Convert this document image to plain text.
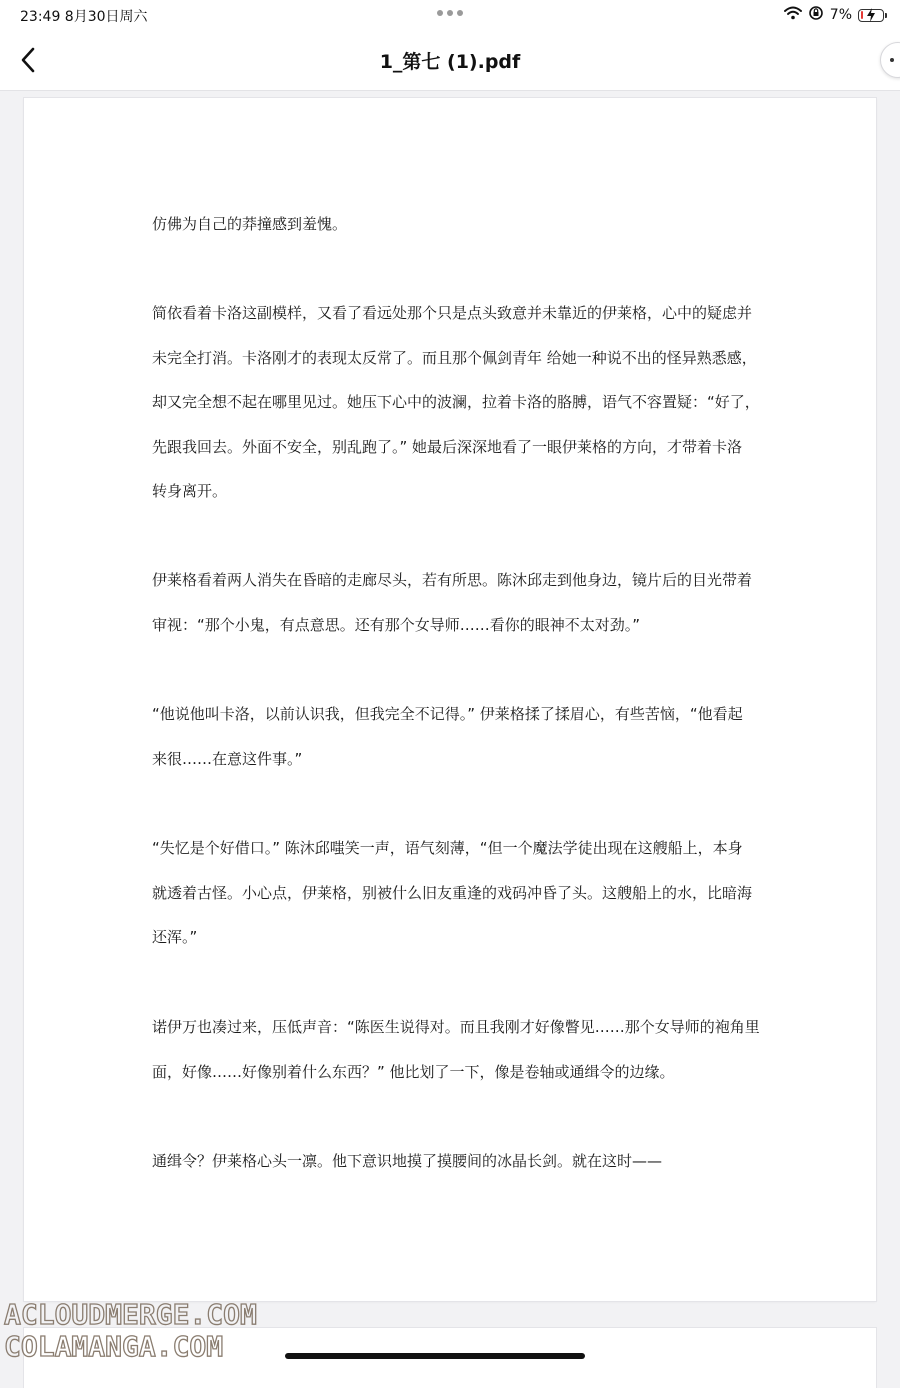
23:49 8月30日周六	7%
1_第七 (1).pdf
仿佛为自己的莽撞感到羞愧。
简依看着卡洛这副模样，又看了看远处那个只是点头致意并未靠近的伊莱格，心中的疑虑并
未完全打消。卡洛刚才的表现太反常了。而且那个佩剑青年 给她一种说不出的怪异熟悉感，
却又完全想不起在哪里见过。她压下心中的波澜，拉着卡洛的胳膊，语气不容置疑：“好了，
先跟我回去。外面不安全，别乱跑了。” 她最后深深地看了一眼伊莱格的方向，才带着卡洛
转身离开。
伊莱格看着两人消失在昏暗的走廊尽头，若有所思。陈沐邱走到他身边，镜片后的目光带着
审视：“那个小鬼，有点意思。还有那个女导师……看你的眼神不太对劲。”
“他说他叫卡洛，以前认识我，但我完全不记得。” 伊莱格揉了揉眉心，有些苦恼，“他看起
来很……在意这件事。”
“失忆是个好借口。” 陈沐邱嗤笑一声，语气刻薄，“但一个魔法学徒出现在这艘船上，本身
就透着古怪。小心点，伊莱格，别被什么旧友重逢的戏码冲昏了头。这艘船上的水，比暗海
还浑。”
诺伊万也凑过来，压低声音：“陈医生说得对。而且我刚才好像瞥见……那个女导师的袍角里
面，好像……好像别着什么东西？” 他比划了一下，像是卷轴或通缉令的边缘。
通缉令？伊莱格心头一凛。他下意识地摸了摸腰间的冰晶长剑。就在这时——
ACLOUDMERGE.COM
COLAMANGA.COM
